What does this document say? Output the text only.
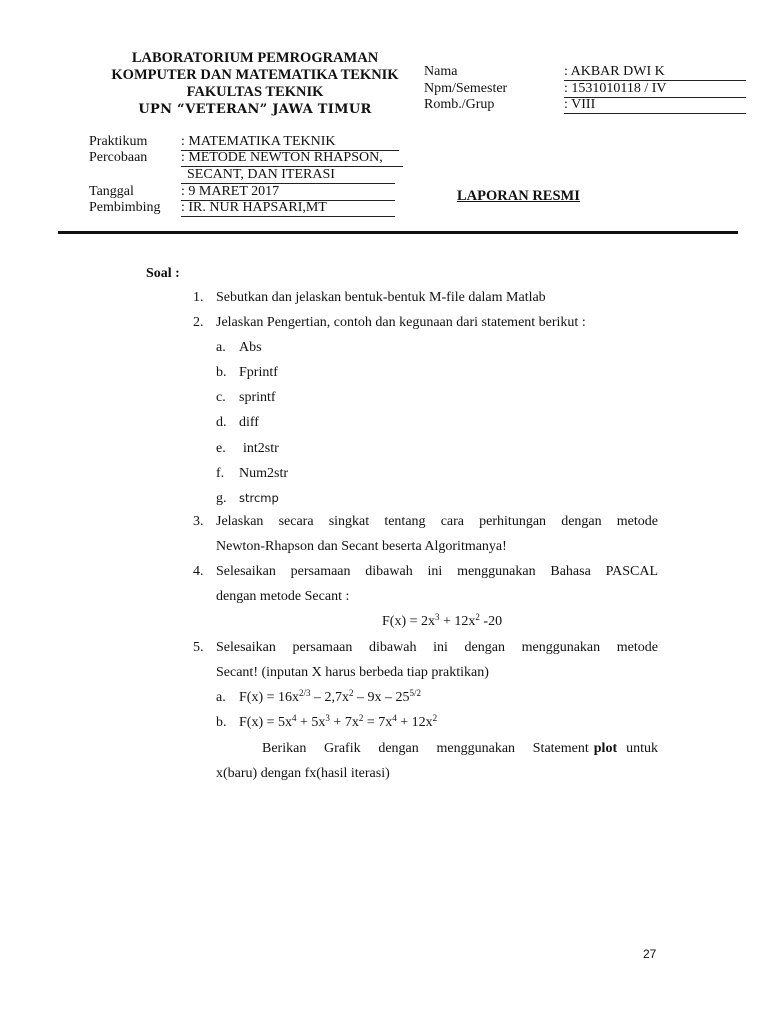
LABORATORIUM PEMROGRAMAN
KOMPUTER DAN MATEMATIKA TEKNIK
FAKULTAS TEKNIK
UPN “VETERAN” JAWA TIMUR
Nama	: AKBAR DWI K
Npm/Semester	: 1531010118 / IV
Romb./Grup	: VIII
Praktikum : MATEMATIKA TEKNIK
Percobaan : METODE NEWTON RHAPSON,
SECANT, DAN ITERASI
Tanggal	: 9 MARET 2017
Pembimbing : IR. NUR HAPSARI,MT
LAPORAN RESMI
Soal :
1. Sebutkan dan jelaskan bentuk-bentuk M-file dalam Matlab
2. Jelaskan Pengertian, contoh dan kegunaan dari statement berikut :
a. Abs
b. Fprintf
c. sprintf
d. diff
e. int2str
f. Num2str
g. strcmp
3. Jelaskan secara singkat tentang cara perhitungan dengan metode
Newton-Rhapson dan Secant beserta Algoritmanya!
4. Selesaikan persamaan dibawah ini menggunakan Bahasa PASCAL
dengan metode Secant :
$F(x) = 2x^3 + 12x^2$ -20
5. Selesaikan persamaan dibawah ini dengan menggunakan metode
Secant! (inputan X harus berbeda tiap praktikan)
a. $F(x) = 16x^{2/3} - 2,7x^2 - 9x - 25^{5/2}$
b. $F(x) = 5x^4 + 5x^3 + 7x^2 = 7x^4 + 12x^2$
Berikan Grafik dengan menggunakan Statement plot untuk
x(baru) dengan fx(hasil iterasi)
27
